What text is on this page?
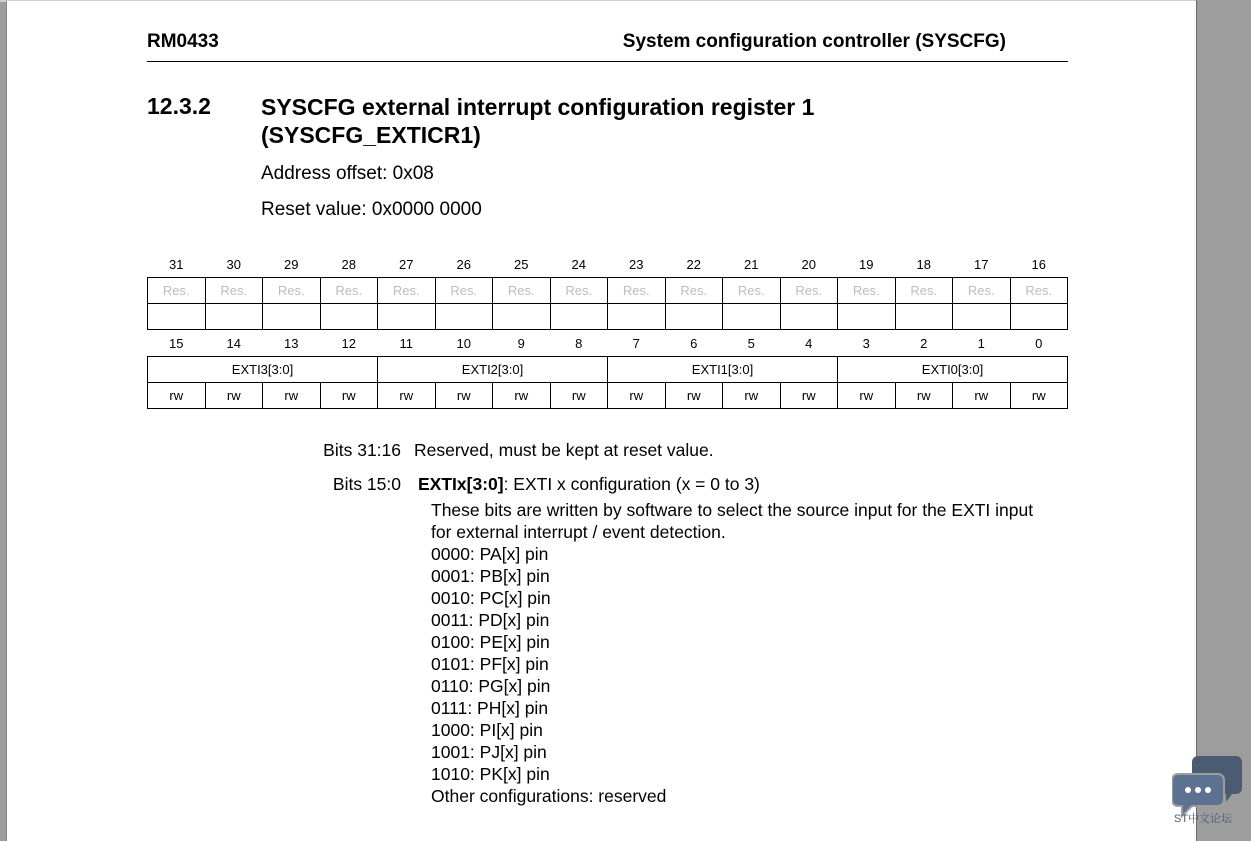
RM0433	System configuration controller (SYSCFG)
12.3.2 SYSCFG external interrupt configuration register 1
(SYSCFG_EXTICR1)
Address offset: 0x08
Reset value: 0x0000 0000
31	30	29	28	27	26	25	24	23	22	21	20	19	18	17	16
Res.	Res.	Res.	Res.	Res.	Res.	Res.	Res.	Res.	Res.	Res.	Res.	Res.	Res.	Res.	Res.

15	14	13	12	11	10	9	8	7	6	5	4	3	2	1	0
EXTI3[3:0]				EXTI2[3:0]				EXTI1[3:0]				EXTI0[3:0]			
rw	rw	rw	rw	rw	rw	rw	rw	rw	rw	rw	rw	rw	rw	rw	rw
Bits 31:16 Reserved, must be kept at reset value.
Bits 15:0 EXTIx[3:0]: EXTI x configuration (x = 0 to 3)
These bits are written by software to select the source input for the EXTI input
for external interrupt / event detection.
0000: PA[x] pin
0001: PB[x] pin
0010: PC[x] pin
0011: PD[x] pin
0100: PE[x] pin
0101: PF[x] pin
0110: PG[x] pin
0111: PH[x] pin
1000: PI[x] pin
1001: PJ[x] pin
1010: PK[x] pin
Other configurations: reserved
ST中文论坛
